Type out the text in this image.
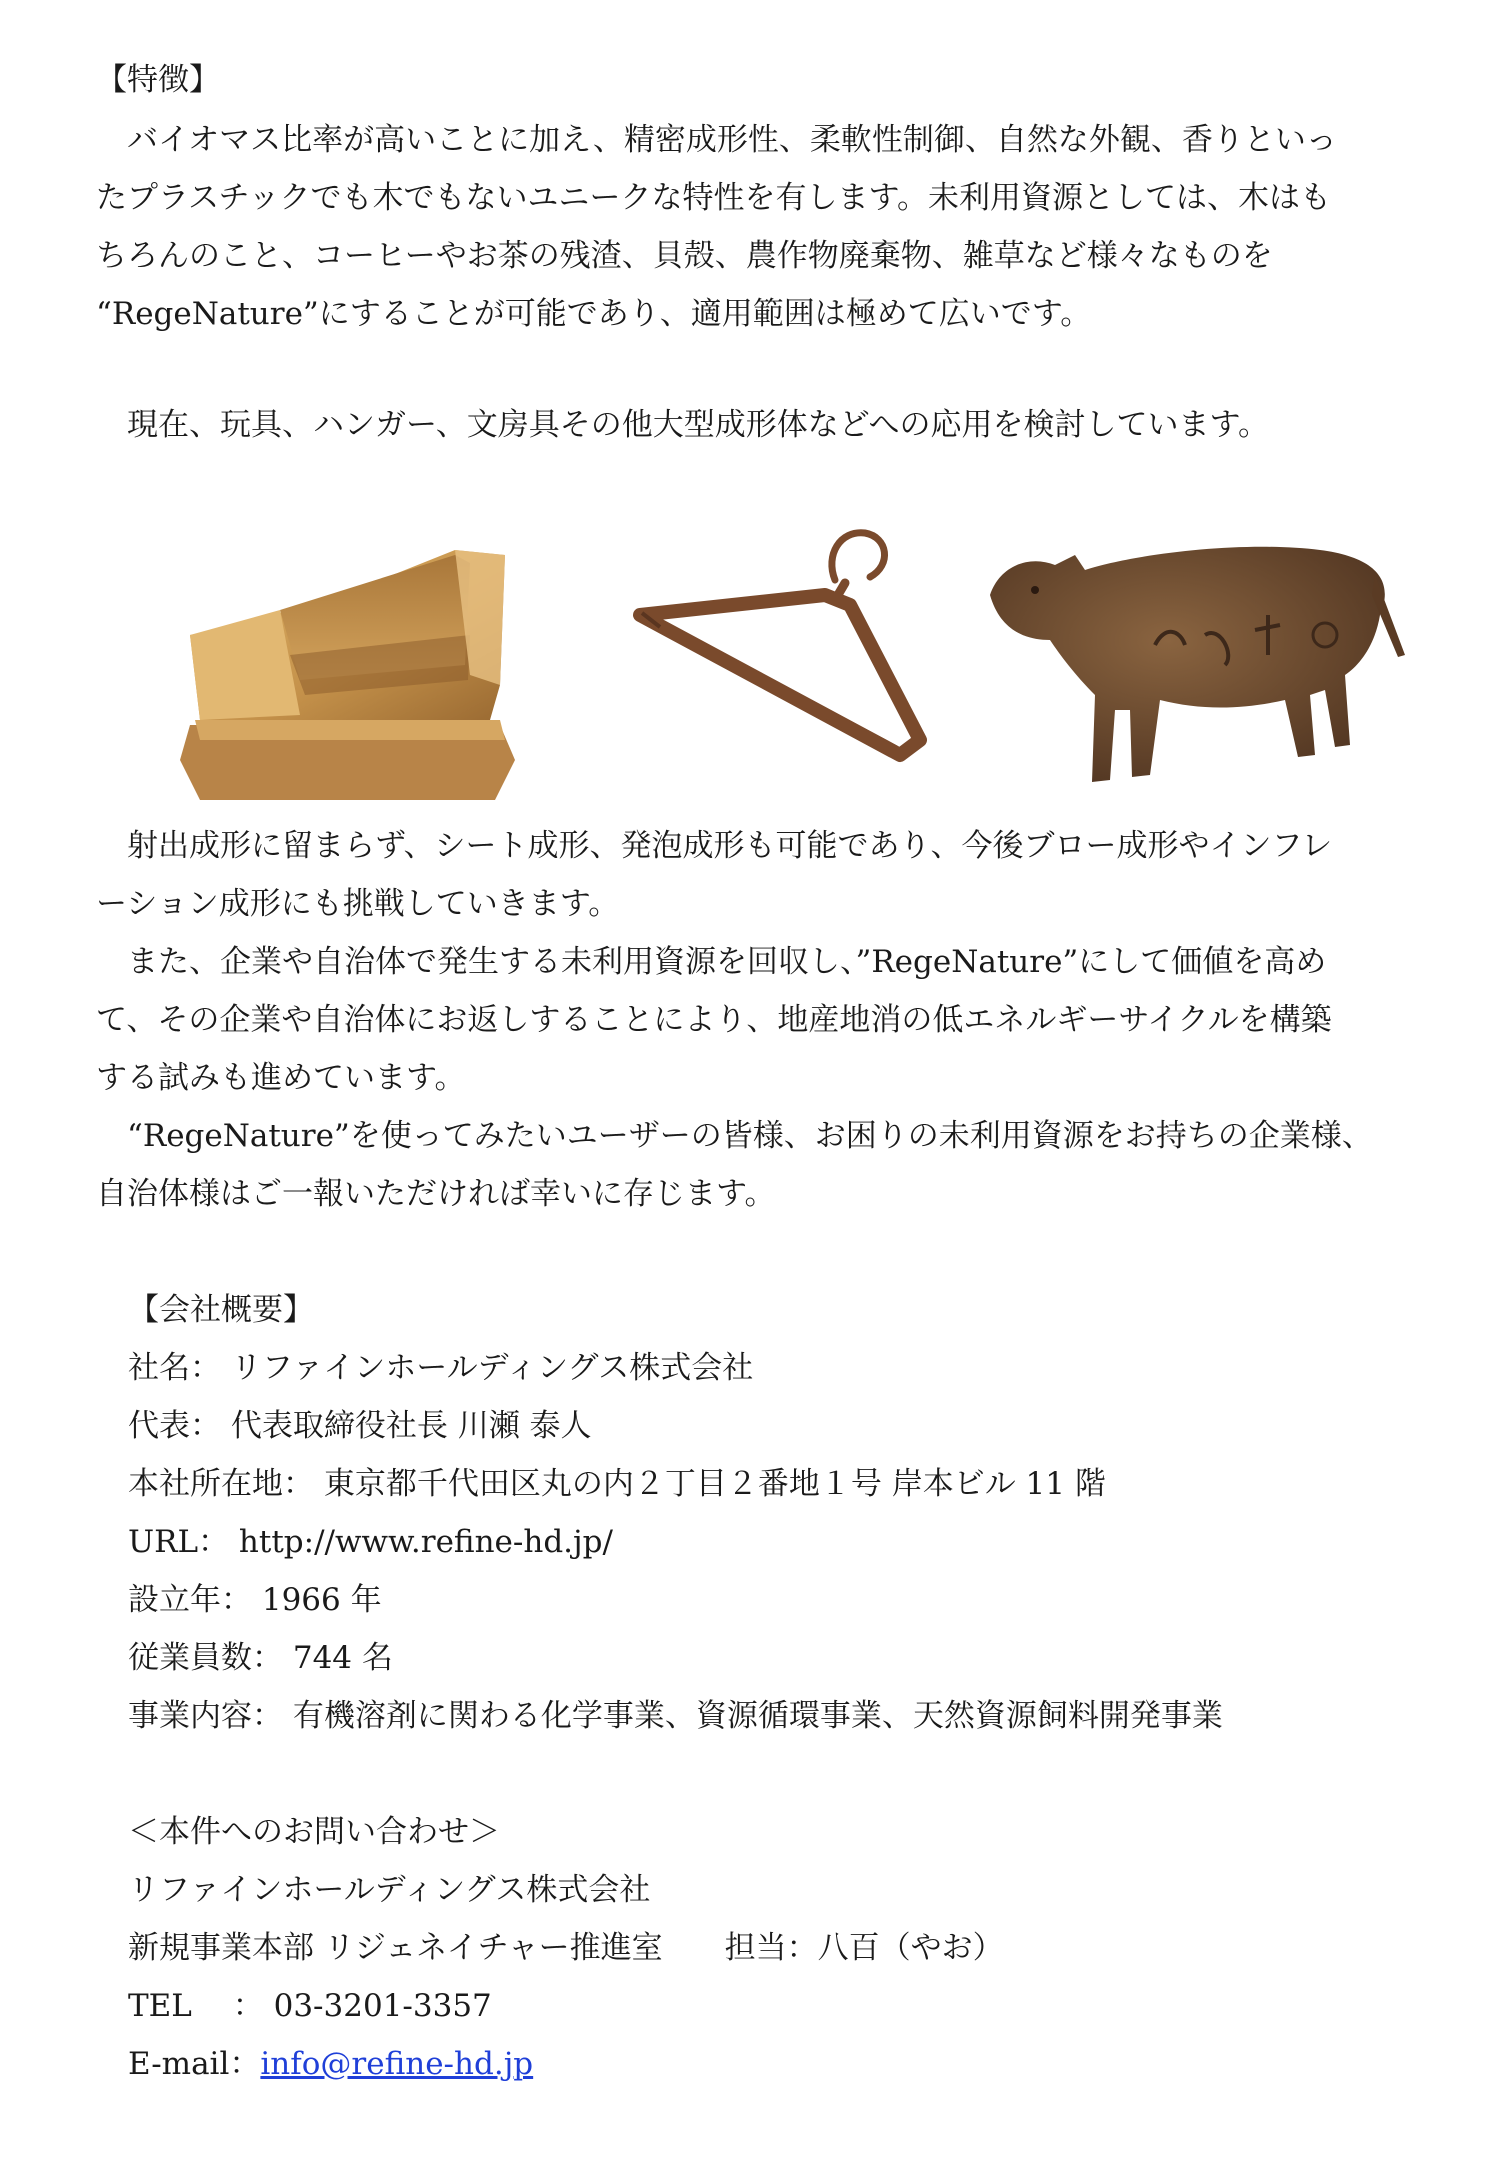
【特徴】
　バイオマス比率が高いことに加え、精密成形性、柔軟性制御、自然な外観、香りといっ
たプラスチックでも木でもないユニークな特性を有します。未利用資源としては、木はも
ちろんのこと、コーヒーやお茶の残渣、貝殻、農作物廃棄物、雑草など様々なものを
“RegeNature”にすることが可能であり、適用範囲は極めて広いです。
　現在、玩具、ハンガー、文房具その他大型成形体などへの応用を検討しています。
　射出成形に留まらず、シート成形、発泡成形も可能であり、今後ブロー成形やインフレ
ーション成形にも挑戦していきます。
　また、企業や自治体で発生する未利用資源を回収し、”RegeNature”にして価値を高め
て、その企業や自治体にお返しすることにより、地産地消の低エネルギーサイクルを構築
する試みも進めています。
　“RegeNature”を使ってみたいユーザーの皆様、お困りの未利用資源をお持ちの企業様、
自治体様はご一報いただければ幸いに存じます。
【会社概要】
社名： リファインホールディングス株式会社
代表： 代表取締役社長 川瀬 泰人
本社所在地： 東京都千代田区丸の内２丁目２番地１号 岸本ビル 11 階
URL： http://www.refine-hd.jp/
設立年： 1966 年
従業員数： 744 名
事業内容： 有機溶剤に関わる化学事業、資源循環事業、天然資源飼料開発事業
＜本件へのお問い合わせ＞
リファインホールディングス株式会社
新規事業本部 リジェネイチャー推進室　　担当：八百（やお）
TEL　 ： 03-3201-3357
E-mail：info@refine-hd.jp
